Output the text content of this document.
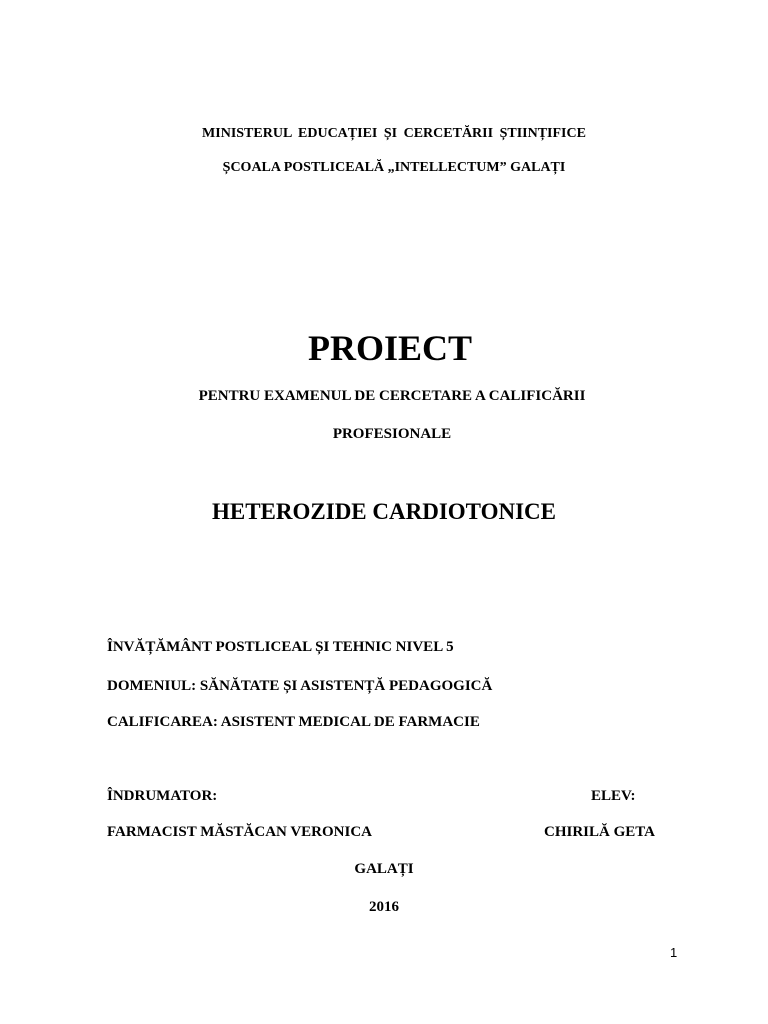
MINISTERUL EDUCAȚIEI ȘI CERCETĂRII ȘTIINȚIFICE
ȘCOALA POSTLICEALĂ „INTELLECTUM” GALAȚI
PROIECT
PENTRU EXAMENUL DE CERCETARE A CALIFICĂRII
PROFESIONALE
HETEROZIDE CARDIOTONICE
ÎNVĂȚĂMÂNT POSTLICEAL ȘI TEHNIC NIVEL 5
DOMENIUL: SĂNĂTATE ȘI ASISTENȚĂ PEDAGOGICĂ
CALIFICAREA: ASISTENT MEDICAL DE FARMACIE
ÎNDRUMATOR:
FARMACIST MĂSTĂCAN VERONICA
ELEV:
CHIRILĂ GETA
GALAȚI
2016
1
